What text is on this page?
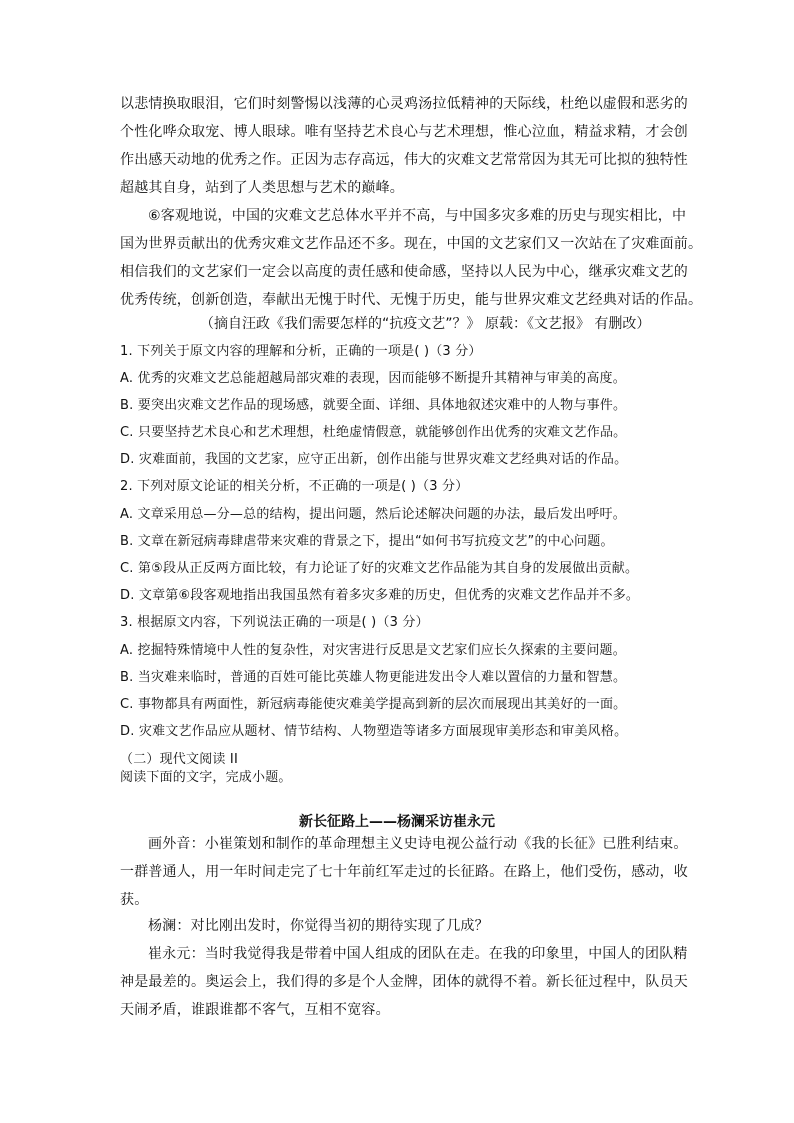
以悲情换取眼泪，它们时刻警惕以浅薄的心灵鸡汤拉低精神的天际线，杜绝以虚假和恶劣的
个性化哗众取宠、博人眼球。唯有坚持艺术良心与艺术理想，惟心泣血，精益求精，才会创
作出感天动地的优秀之作。正因为志存高远，伟大的灾难文艺常常因为其无可比拟的独特性
超越其自身，站到了人类思想与艺术的巅峰。
⑥客观地说，中国的灾难文艺总体水平并不高，与中国多灾多难的历史与现实相比，中
国为世界贡献出的优秀灾难文艺作品还不多。现在，中国的文艺家们又一次站在了灾难面前。
相信我们的文艺家们一定会以高度的责任感和使命感，坚持以人民为中心，继承灾难文艺的
优秀传统，创新创造，奉献出无愧于时代、无愧于历史，能与世界灾难文艺经典对话的作品。
（摘自汪政《我们需要怎样的“抗疫文艺”？》 原载：《文艺报》 有删改）
1. 下列关于原文内容的理解和分析，正确的一项是( )（3 分）
A. 优秀的灾难文艺总能超越局部灾难的表现，因而能够不断提升其精神与审美的高度。
B. 要突出灾难文艺作品的现场感，就要全面、详细、具体地叙述灾难中的人物与事件。
C. 只要坚持艺术良心和艺术理想，杜绝虚情假意，就能够创作出优秀的灾难文艺作品。
D. 灾难面前，我国的文艺家，应守正出新，创作出能与世界灾难文艺经典对话的作品。
2. 下列对原文论证的相关分析，不正确的一项是( )（3 分）
A. 文章采用总—分—总的结构，提出问题，然后论述解决问题的办法，最后发出呼吁。
B. 文章在新冠病毒肆虐带来灾难的背景之下，提出“如何书写抗疫文艺”的中心问题。
C. 第⑤段从正反两方面比较，有力论证了好的灾难文艺作品能为其自身的发展做出贡献。
D. 文章第⑥段客观地指出我国虽然有着多灾多难的历史，但优秀的灾难文艺作品并不多。
3. 根据原文内容，下列说法正确的一项是( )（3 分）
A. 挖掘特殊情境中人性的复杂性，对灾害进行反思是文艺家们应长久探索的主要问题。
B. 当灾难来临时，普通的百姓可能比英雄人物更能进发出令人难以置信的力量和智慧。
C. 事物都具有两面性，新冠病毒能使灾难美学提高到新的层次而展现出其美好的一面。
D. 灾难文艺作品应从题材、情节结构、人物塑造等诸多方面展现审美形态和审美风格。
（二）现代文阅读 II
阅读下面的文字，完成小题。
新长征路上——杨澜采访崔永元
画外音：小崔策划和制作的革命理想主义史诗电视公益行动《我的长征》已胜利结束。
一群普通人，用一年时间走完了七十年前红军走过的长征路。在路上，他们受伤，感动，收
获。
杨澜：对比刚出发时，你觉得当初的期待实现了几成？
崔永元：当时我觉得我是带着中国人组成的团队在走。在我的印象里，中国人的团队精
神是最差的。奥运会上，我们得的多是个人金牌，团体的就得不着。新长征过程中，队员天
天闹矛盾，谁跟谁都不客气，互相不宽容。
